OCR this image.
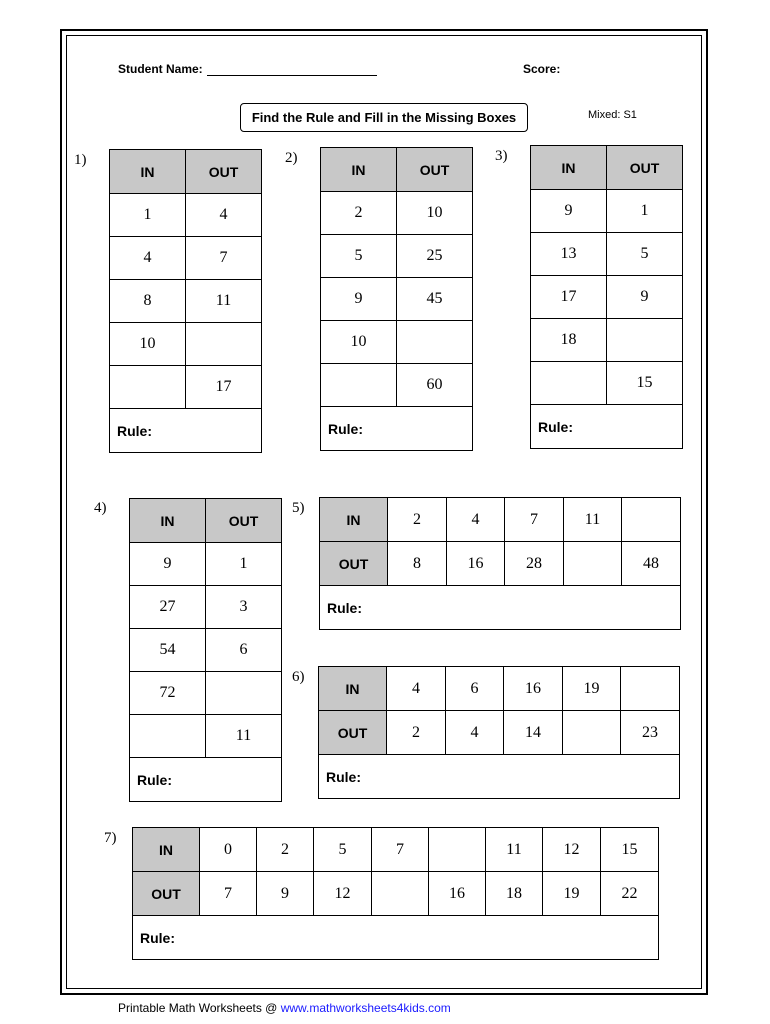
Student Name:	Score:
Find the Rule and Fill in the Missing Boxes	Mixed: S1
1)
IN	OUT
1	4
4	7
8	11
10	
	17
Rule:	
2)
IN	OUT
2	10
5	25
9	45
10	
	60
Rule:	
3)
IN	OUT
9	1
13	5
17	9
18	
	15
Rule:	
4)
IN	OUT
9	1
27	3
54	6
72	
	11
Rule:	
5)
IN	2	4	7	11	
OUT	8	16	28		48
Rule:					
6)
IN	4	6	16	19	
OUT	2	4	14		23
Rule:					
7)
IN	0	2	5	7		11	12	15
OUT	7	9	12		16	18	19	22
Rule:								
Printable Math Worksheets @ www.mathworksheets4kids.com
